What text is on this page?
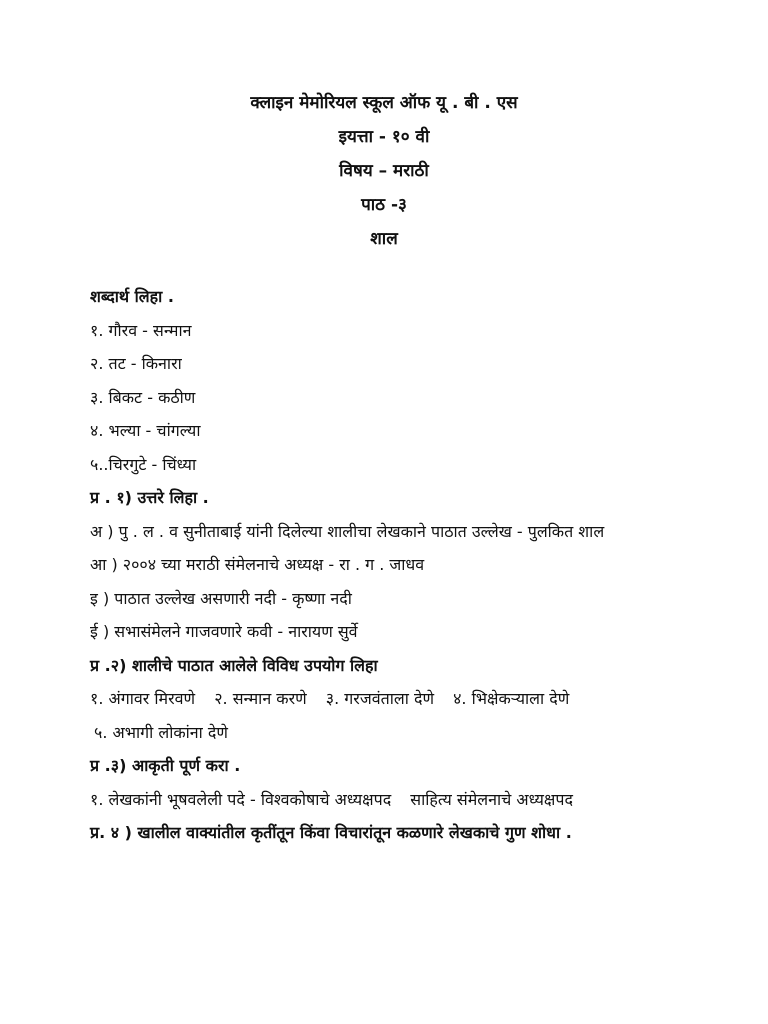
क्लाइन मेमोरियल स्कूल ऑफ यू . बी . एस
इयत्ता - १० वी
विषय – मराठी
पाठ -३
शाल
शब्दार्थ लिहा .
१. गौरव - सन्मान
२. तट - किनारा
३. बिकट - कठीण
४. भल्या - चांगल्या
५..चिरगुटे - चिंध्या
प्र . १) उत्तरे लिहा .
अ ) पु . ल . व सुनीताबाई यांनी दिलेल्या शालीचा लेखकाने पाठात उल्लेख - पुलकित शाल
आ ) २००४ च्या मराठी संमेलनाचे अध्यक्ष - रा . ग . जाधव
इ ) पाठात उल्लेख असणारी नदी - कृष्णा नदी
ई ) सभासंमेलने गाजवणारे कवी - नारायण सुर्वे
प्र .२) शालीचे पाठात आलेले विविध उपयोग लिहा
१. अंगावर मिरवणे २. सन्मान करणे ३. गरजवंताला देणे ४. भिक्षेकऱ्याला देणे
५. अभागी लोकांना देणे
प्र .३) आकृती पूर्ण करा .
१. लेखकांनी भूषवलेली पदे - विश्वकोषाचे अध्यक्षपद साहित्य संमेलनाचे अध्यक्षपद
प्र. ४ ) खालील वाक्यांतील कृतींतून किंवा विचारांतून कळणारे लेखकाचे गुण शोधा .
